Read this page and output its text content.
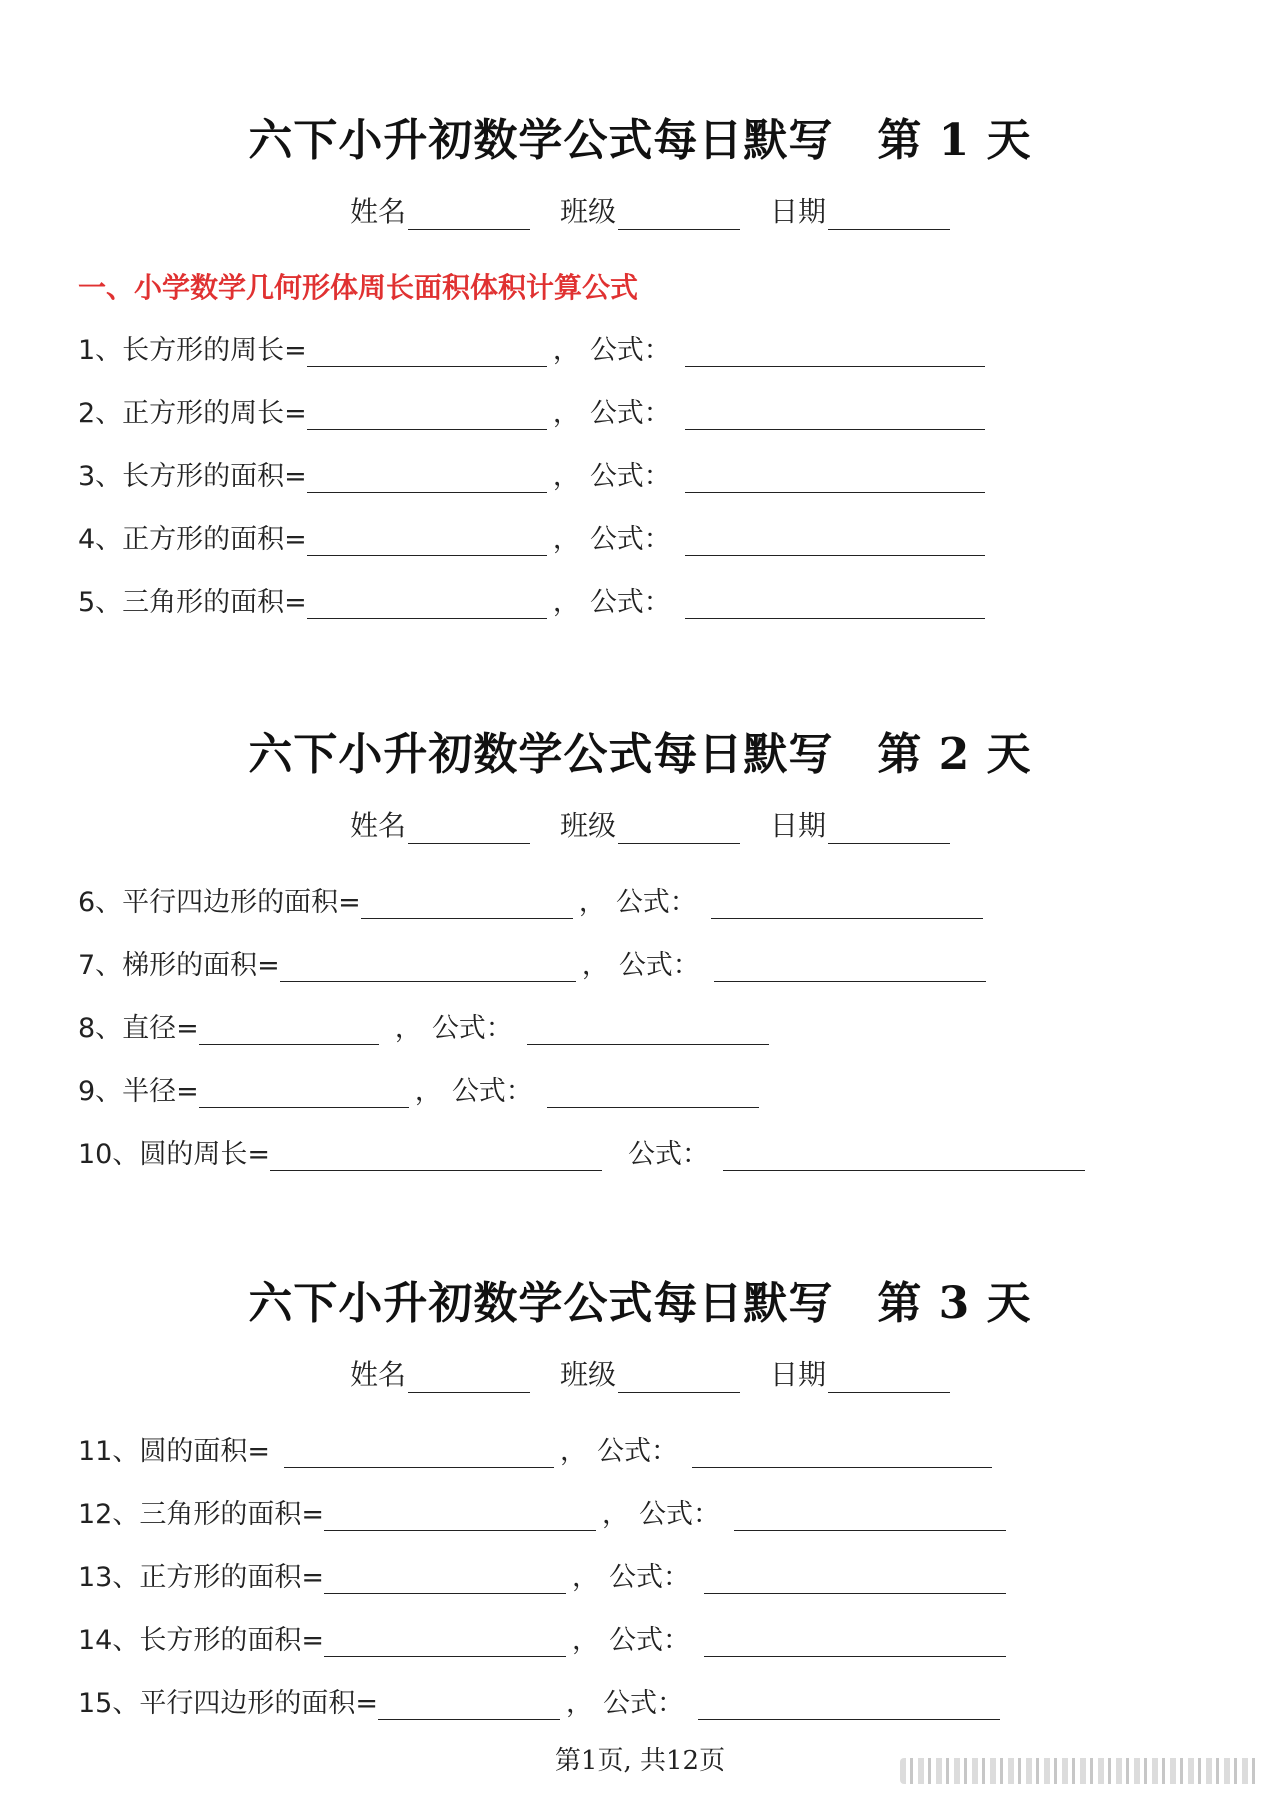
六下小升初数学公式每日默写 第 1 天
姓名	班级	日期
一、小学数学几何形体周长面积体积计算公式
1、长方形的周长=	， 公式：
2、正方形的周长=	， 公式：
3、长方形的面积=	， 公式：
4、正方形的面积=	， 公式：
5、三角形的面积=	， 公式：
六下小升初数学公式每日默写 第 2 天
姓名	班级	日期
6、平行四边形的面积=	， 公式：
7、梯形的面积=	， 公式：
8、直径=	， 公式：
9、半径=	， 公式：
10、圆的周长=	公式：
六下小升初数学公式每日默写 第 3 天
姓名	班级	日期
11、圆的面积=	， 公式：
12、三角形的面积=	， 公式：
13、正方形的面积=	， 公式：
14、长方形的面积=	， 公式：
15、平行四边形的面积=	， 公式：
第1页, 共12页
